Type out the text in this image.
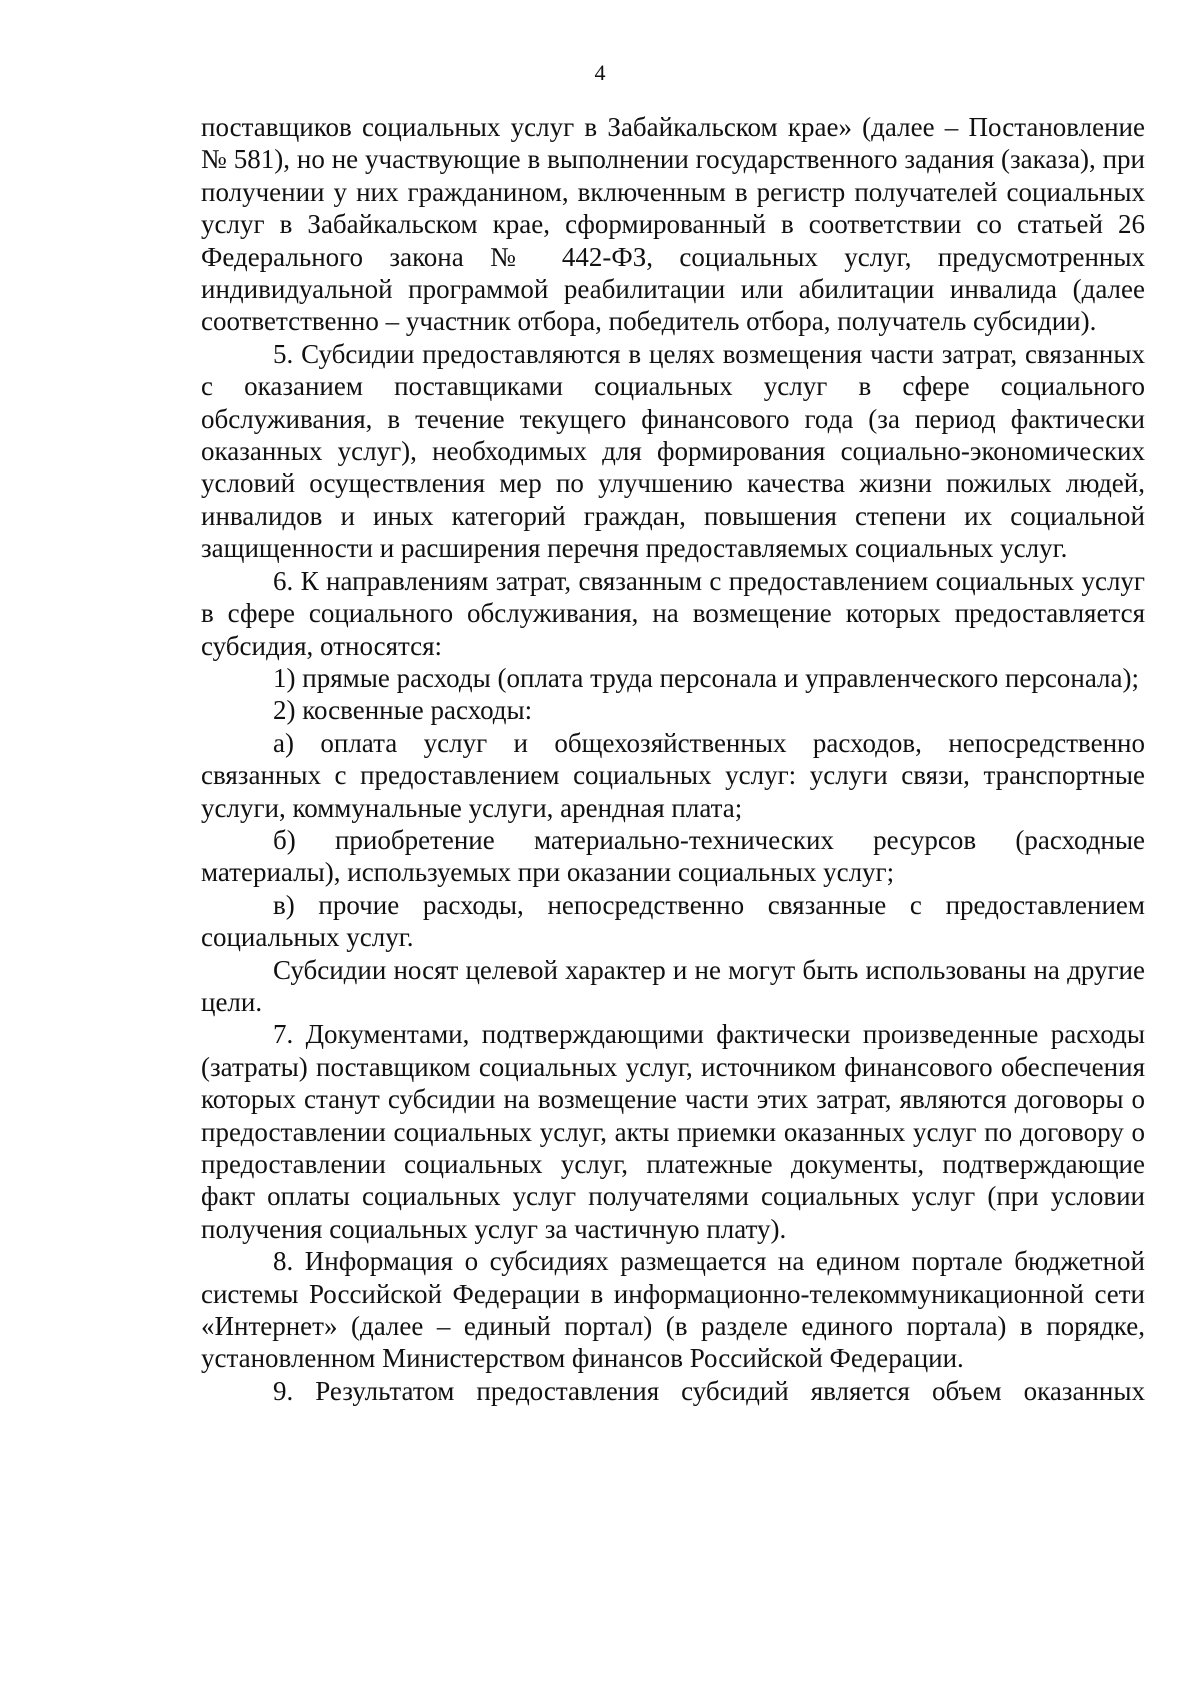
4

поставщиков социальных услуг в Забайкальском крае» (далее – Постановление № 581), но не участвующие в выполнении государственного задания (заказа), при получении у них гражданином, включенным в регистр получателей социальных услуг в Забайкальском крае, сформированный в соответствии со статьей 26 Федерального закона № 442-ФЗ, социальных услуг, предусмотренных индивидуальной программой реабилитации или абилитации инвалида (далее соответственно – участник отбора, победитель отбора, получатель субсидии).

5. Субсидии предоставляются в целях возмещения части затрат, связанных с оказанием поставщиками социальных услуг в сфере социального обслуживания, в течение текущего финансового года (за период фактически оказанных услуг), необходимых для формирования социально-экономических условий осуществления мер по улучшению качества жизни пожилых людей, инвалидов и иных категорий граждан, повышения степени их социальной защищенности и расширения перечня предоставляемых социальных услуг.

6. К направлениям затрат, связанным с предоставлением социальных услуг в сфере социального обслуживания, на возмещение которых предоставляется субсидия, относятся:

1) прямые расходы (оплата труда персонала и управленческого персонала);

2) косвенные расходы:

а) оплата услуг и общехозяйственных расходов, непосредственно связанных с предоставлением социальных услуг: услуги связи, транспортные услуги, коммунальные услуги, арендная плата;

б) приобретение материально-технических ресурсов (расходные материалы), используемых при оказании социальных услуг;

в) прочие расходы, непосредственно связанные с предоставлением социальных услуг.

Субсидии носят целевой характер и не могут быть использованы на другие цели.

7. Документами, подтверждающими фактически произведенные расходы (затраты) поставщиком социальных услуг, источником финансового обеспечения которых станут субсидии на возмещение части этих затрат, являются договоры о предоставлении социальных услуг, акты приемки оказанных услуг по договору о предоставлении социальных услуг, платежные документы, подтверждающие факт оплаты социальных услуг получателями социальных услуг (при условии получения социальных услуг за частичную плату).

8. Информация о субсидиях размещается на едином портале бюджетной системы Российской Федерации в информационно-телекоммуникационной сети «Интернет» (далее – единый портал) (в разделе единого портала) в порядке, установленном Министерством финансов Российской Федерации.

9. Результатом предоставления субсидий является объем оказанных
